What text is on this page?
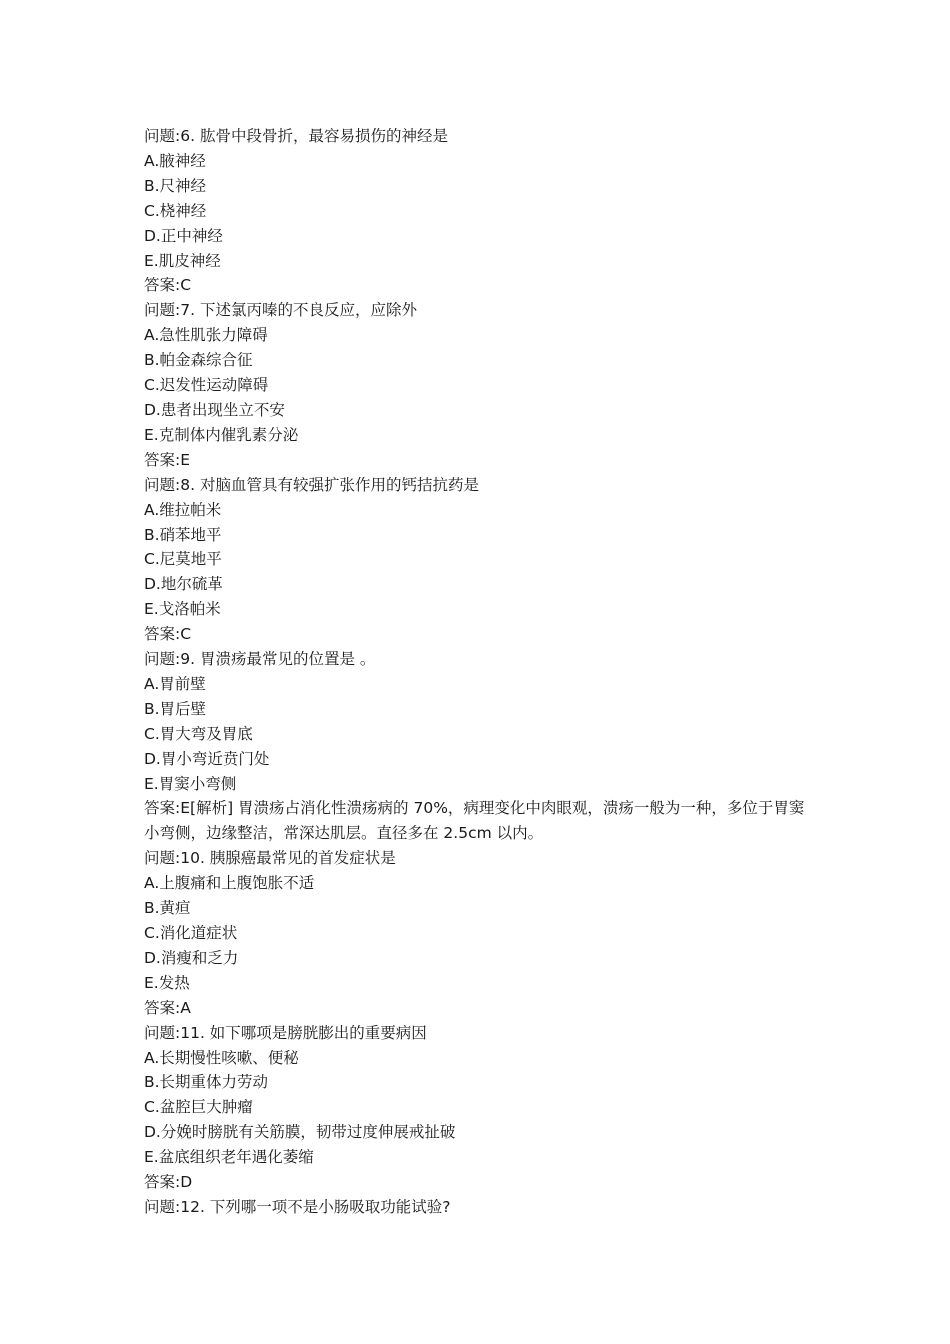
问题:6. 肱骨中段骨折，最容易损伤的神经是

A.腋神经

B.尺神经

C.桡神经

D.正中神经

E.肌皮神经

答案:C

问题:7. 下述氯丙嗪的不良反应，应除外

A.急性肌张力障碍

B.帕金森综合征

C.迟发性运动障碍

D.患者出现坐立不安

E.克制体内催乳素分泌

答案:E

问题:8. 对脑血管具有较强扩张作用的钙拮抗药是

A.维拉帕米

B.硝苯地平

C.尼莫地平

D.地尔硫革

E.戈洛帕米

答案:C

问题:9. 胃溃疡最常见的位置是 。

A.胃前壁

B.胃后壁

C.胃大弯及胃底

D.胃小弯近贲门处

E.胃窦小弯侧

答案:E[解析] 胃溃疡占消化性溃疡病的 70%，病理变化中肉眼观，溃疡一般为一种，多位于胃窦小弯侧，边缘整洁，常深达肌层。直径多在 2.5cm 以内。

问题:10. 胰腺癌最常见的首发症状是

A.上腹痛和上腹饱胀不适

B.黄疸

C.消化道症状

D.消瘦和乏力

E.发热

答案:A

问题:11. 如下哪项是膀胱膨出的重要病因

A.长期慢性咳嗽、便秘

B.长期重体力劳动

C.盆腔巨大肿瘤

D.分娩时膀胱有关筋膜，韧带过度伸展戒扯破

E.盆底组织老年遇化萎缩

答案:D

问题:12. 下列哪一项不是小肠吸取功能试验?
